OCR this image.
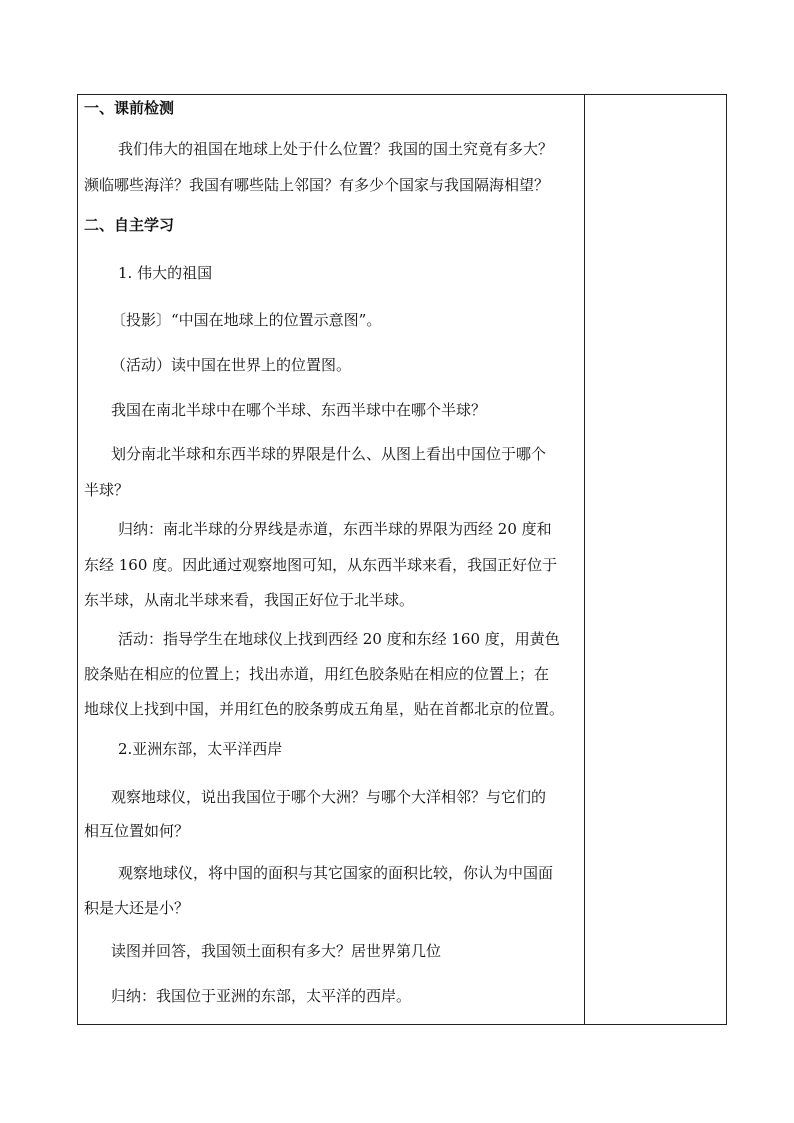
一、课前检测

我们伟大的祖国在地球上处于什么位置？我国的国土究竟有多大？

濒临哪些海洋？我国有哪些陆上邻国？有多少个国家与我国隔海相望？

二、自主学习

1. 伟大的祖国

〔投影〕“中国在地球上的位置示意图”。

（活动）读中国在世界上的位置图。

我国在南北半球中在哪个半球、东西半球中在哪个半球？

划分南北半球和东西半球的界限是什么、从图上看出中国位于哪个

半球？

归纳：南北半球的分界线是赤道，东西半球的界限为西经 20 度和

东经 160 度。因此通过观察地图可知，从东西半球来看，我国正好位于

东半球，从南北半球来看，我国正好位于北半球。

活动：指导学生在地球仪上找到西经 20 度和东经 160 度，用黄色

胶条贴在相应的位置上；找出赤道，用红色胶条贴在相应的位置上；在

地球仪上找到中国，并用红色的胶条剪成五角星，贴在首都北京的位置。

2.亚洲东部，太平洋西岸

观察地球仪，说出我国位于哪个大洲？与哪个大洋相邻？与它们的

相互位置如何？

观察地球仪，将中国的面积与其它国家的面积比较，你认为中国面

积是大还是小？

读图并回答，我国领土面积有多大？居世界第几位

归纳：我国位于亚洲的东部，太平洋的西岸。
